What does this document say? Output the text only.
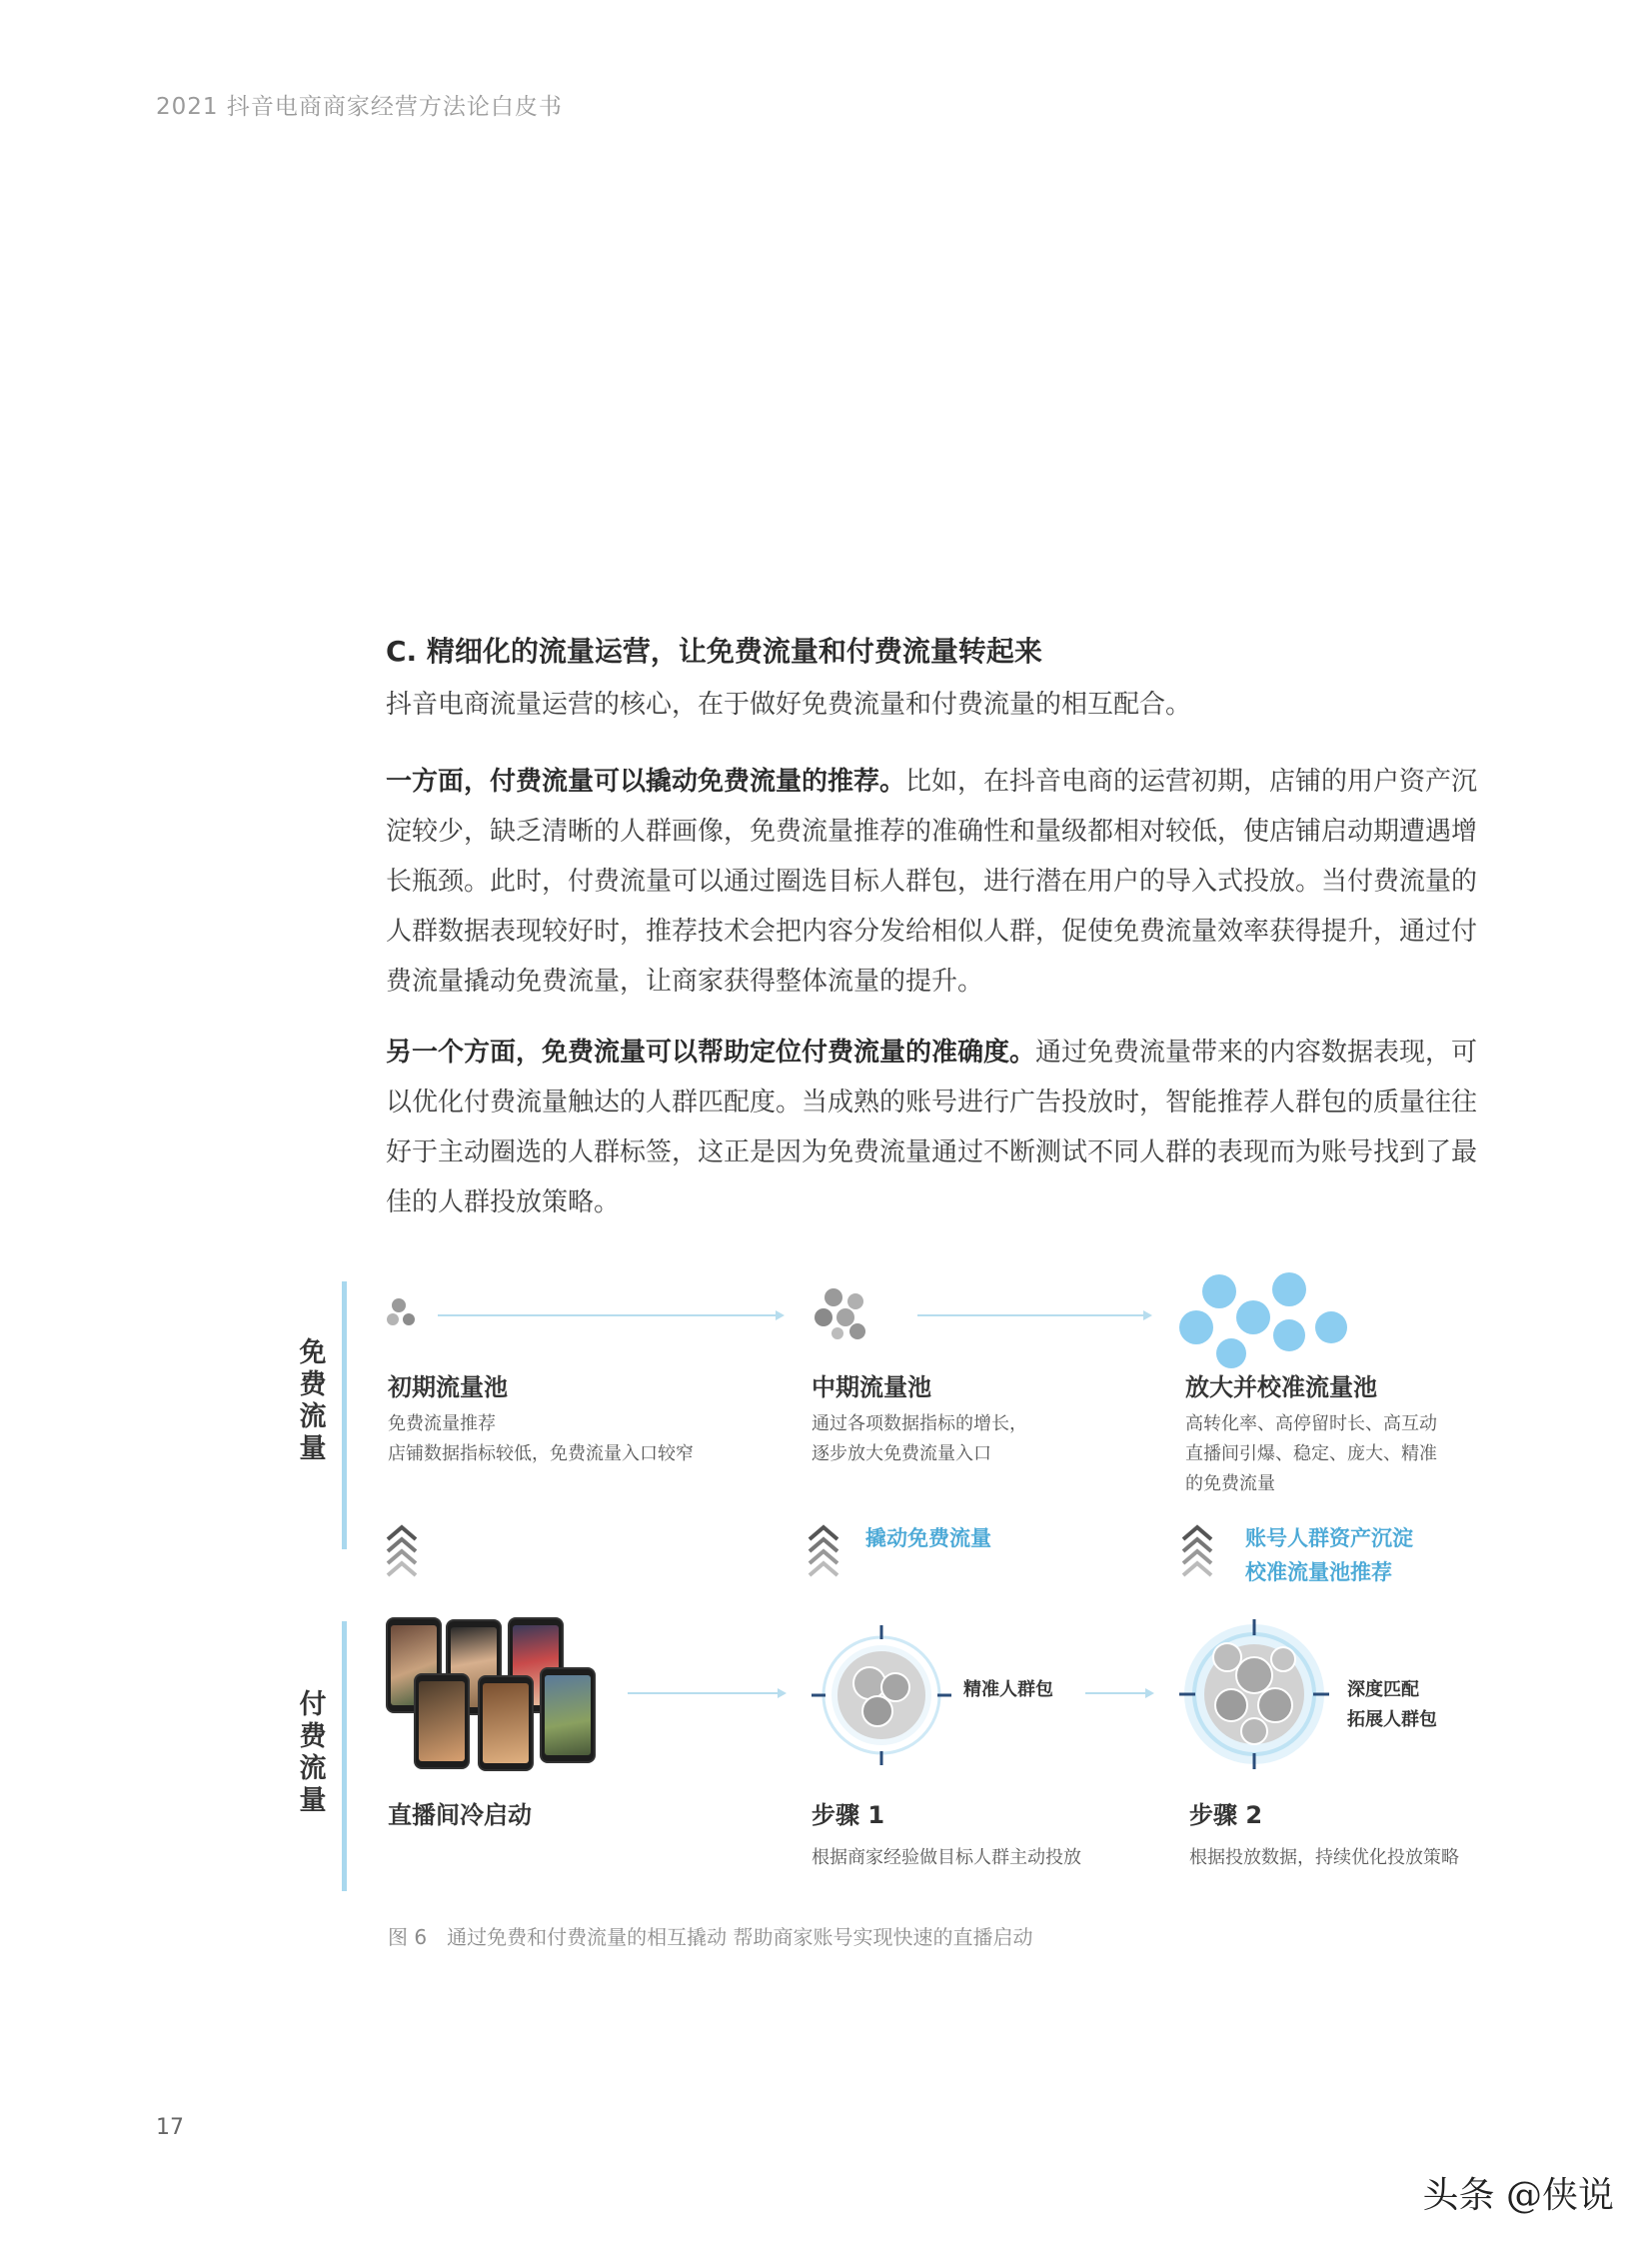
2021 抖音电商商家经营方法论白皮书
C. 精细化的流量运营，让免费流量和付费流量转起来
抖音电商流量运营的核心，在于做好免费流量和付费流量的相互配合。
一方面，付费流量可以撬动免费流量的推荐。比如，在抖音电商的运营初期，店铺的用户资产沉淀较少，缺乏清晰的人群画像，免费流量推荐的准确性和量级都相对较低，使店铺启动期遭遇增长瓶颈。此时，付费流量可以通过圈选目标人群包，进行潜在用户的导入式投放。当付费流量的人群数据表现较好时，推荐技术会把内容分发给相似人群，促使免费流量效率获得提升，通过付费流量撬动免费流量，让商家获得整体流量的提升。
另一个方面，免费流量可以帮助定位付费流量的准确度。通过免费流量带来的内容数据表现，可以优化付费流量触达的人群匹配度。当成熟的账号进行广告投放时，智能推荐人群包的质量往往好于主动圈选的人群标签，这正是因为免费流量通过不断测试不同人群的表现而为账号找到了最佳的人群投放策略。
免费流量
付费流量
初期流量池
免费流量推荐
店铺数据指标较低，免费流量入口较窄
中期流量池
通过各项数据指标的增长，
逐步放大免费流量入口
放大并校准流量池
高转化率、高停留时长、高互动
直播间引爆、稳定、庞大、精准
的免费流量
撬动免费流量	账号人群资产沉淀
校准流量池推荐
精准人群包	深度匹配
拓展人群包
直播间冷启动	步骤 1
根据商家经验做目标人群主动投放
步骤 2
根据投放数据，持续优化投放策略
图 6　通过免费和付费流量的相互撬动 帮助商家账号实现快速的直播启动
17
头条 @侠说
